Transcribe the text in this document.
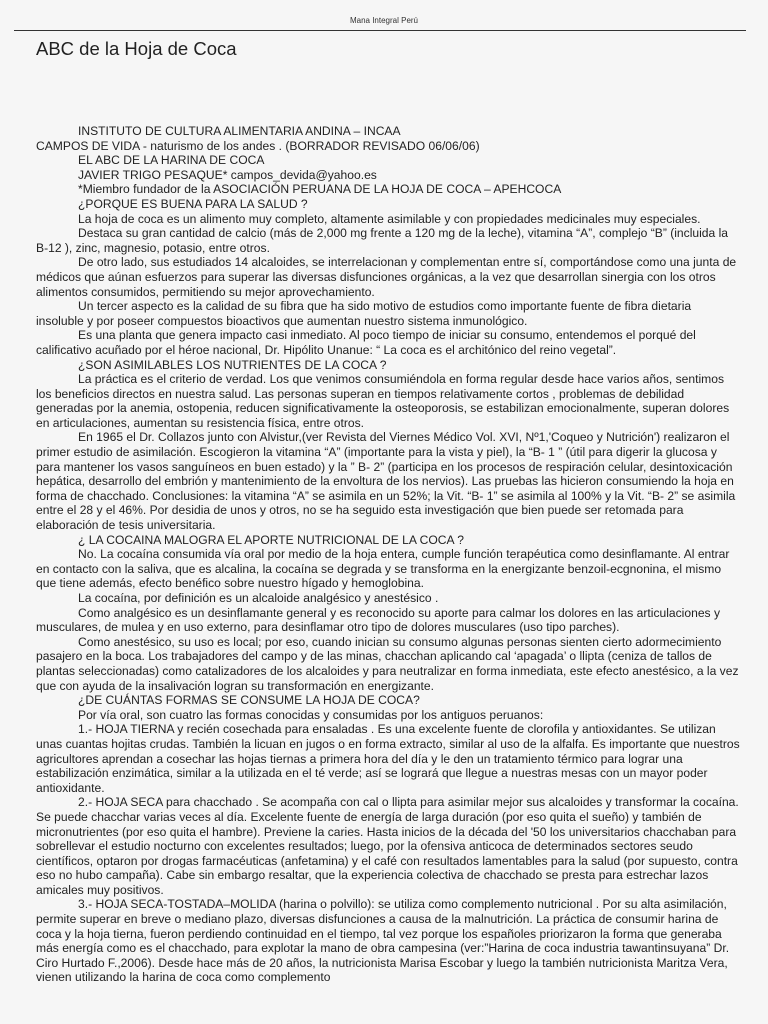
Mana Integral Perú
ABC de la Hoja de Coca

INSTITUTO DE CULTURA ALIMENTARIA ANDINA – INCAA

CAMPOS DE VIDA - naturismo de los andes . (BORRADOR REVISADO 06/06/06)

EL ABC DE LA HARINA DE COCA

JAVIER TRIGO PESAQUE* campos_devida@yahoo.es

*Miembro fundador de la ASOCIACIÓN PERUANA DE LA HOJA DE COCA – APEHCOCA

¿PORQUE ES BUENA PARA LA SALUD ?

La hoja de coca es un alimento muy completo, altamente asimilable y con propiedades medicinales muy especiales.

Destaca su gran cantidad de calcio (más de 2,000 mg frente a 120 mg de la leche), vitamina “A”, complejo “B” (incluida la B-12 ), zinc, magnesio, potasio, entre otros.

De otro lado, sus estudiados 14 alcaloides, se interrelacionan y complementan entre sí, comportándose como una junta de médicos que aúnan esfuerzos para superar las diversas disfunciones orgánicas, a la vez que desarrollan sinergia con los otros alimentos consumidos, permitiendo su mejor aprovechamiento.

Un tercer aspecto es la calidad de su fibra que ha sido motivo de estudios como importante fuente de fibra dietaria insoluble y por poseer compuestos bioactivos que aumentan nuestro sistema inmunológico.

Es una planta que genera impacto casi inmediato. Al poco tiempo de iniciar su consumo, entendemos el porqué del calificativo acuñado por el héroe nacional, Dr. Hipólito Unanue: “ La coca es el architónico del reino vegetal”.

¿SON ASIMILABLES LOS NUTRIENTES DE LA COCA ?

La práctica es el criterio de verdad. Los que venimos consumiéndola en forma regular desde hace varios años, sentimos los beneficios directos en nuestra salud. Las personas superan en tiempos relativamente cortos , problemas de debilidad generadas por la anemia, ostopenia, reducen significativamente la osteoporosis, se estabilizan emocionalmente, superan dolores en articulaciones, aumentan su resistencia física, entre otros.

En 1965 el Dr. Collazos junto con Alvistur,(ver Revista del Viernes Médico Vol. XVI, Nº1,'Coqueo y Nutrición') realizaron el primer estudio de asimilación. Escogieron la vitamina “A” (importante para la vista y piel), la “B- 1 ” (útil para digerir la glucosa y para mantener los vasos sanguíneos en buen estado) y la ” B- 2” (participa en los procesos de respiración celular, desintoxicación hepática, desarrollo del embrión y mantenimiento de la envoltura de los nervios). Las pruebas las hicieron consumiendo la hoja en forma de chacchado. Conclusiones: la vitamina “A” se asimila en un 52%; la Vit. “B- 1” se asimila al 100% y la Vit. “B- 2” se asimila entre el 28 y el 46%. Por desidia de unos y otros, no se ha seguido esta investigación que bien puede ser retomada para elaboración de tesis universitaria.

¿ LA COCAINA MALOGRA EL APORTE NUTRICIONAL DE LA COCA ?

No. La cocaína consumida vía oral por medio de la hoja entera, cumple función terapéutica como desinflamante. Al entrar en contacto con la saliva, que es alcalina, la cocaína se degrada y se transforma en la energizante benzoil-ecgnonina, el mismo que tiene además, efecto benéfico sobre nuestro hígado y hemoglobina.

La cocaína, por definición es un alcaloide analgésico y anestésico .

Como analgésico es un desinflamante general y es reconocido su aporte para calmar los dolores en las articulaciones y musculares, de mulea y en uso externo, para desinflamar otro tipo de dolores musculares (uso tipo parches).

Como anestésico, su uso es local; por eso, cuando inician su consumo algunas personas sienten cierto adormecimiento pasajero en la boca. Los trabajadores del campo y de las minas, chacchan aplicando cal ‘apagada’ o llipta (ceniza de tallos de plantas seleccionadas) como catalizadores de los alcaloides y para neutralizar en forma inmediata, este efecto anestésico, a la vez que con ayuda de la insalivación logran su transformación en energizante.

¿DE CUÁNTAS FORMAS SE CONSUME LA HOJA DE COCA?

Por vía oral, son cuatro las formas conocidas y consumidas por los antiguos peruanos:

1.- HOJA TIERNA y recién cosechada para ensaladas . Es una excelente fuente de clorofila y antioxidantes. Se utilizan unas cuantas hojitas crudas. También la licuan en jugos o en forma extracto, similar al uso de la alfalfa. Es importante que nuestros agricultores aprendan a cosechar las hojas tiernas a primera hora del día y le den un tratamiento térmico para lograr una estabilización enzimática, similar a la utilizada en el té verde; así se logrará que llegue a nuestras mesas con un mayor poder antioxidante.

2.- HOJA SECA para chacchado . Se acompaña con cal o llipta para asimilar mejor sus alcaloides y transformar la cocaína. Se puede chacchar varias veces al día. Excelente fuente de energía de larga duración (por eso quita el sueño) y también de micronutrientes (por eso quita el hambre). Previene la caries. Hasta inicios de la década del '50 los universitarios chacchaban para sobrellevar el estudio nocturno con excelentes resultados; luego, por la ofensiva anticoca de determinados sectores seudo científicos, optaron por drogas farmacéuticas (anfetamina) y el café con resultados lamentables para la salud (por supuesto, contra eso no hubo campaña). Cabe sin embargo resaltar, que la experiencia colectiva de chacchado se presta para estrechar lazos amicales muy positivos.

3.- HOJA SECA-TOSTADA–MOLIDA (harina o polvillo): se utiliza como complemento nutricional . Por su alta asimilación, permite superar en breve o mediano plazo, diversas disfunciones a causa de la malnutrición. La práctica de consumir harina de coca y la hoja tierna, fueron perdiendo continuidad en el tiempo, tal vez porque los españoles priorizaron la forma que generaba más energía como es el chacchado, para explotar la mano de obra campesina (ver:”Harina de coca industria tawantinsuyana” Dr. Ciro Hurtado F.,2006). Desde hace más de 20 años, la nutricionista Marisa Escobar y luego la también nutricionista Maritza Vera, vienen utilizando la harina de coca como complemento
